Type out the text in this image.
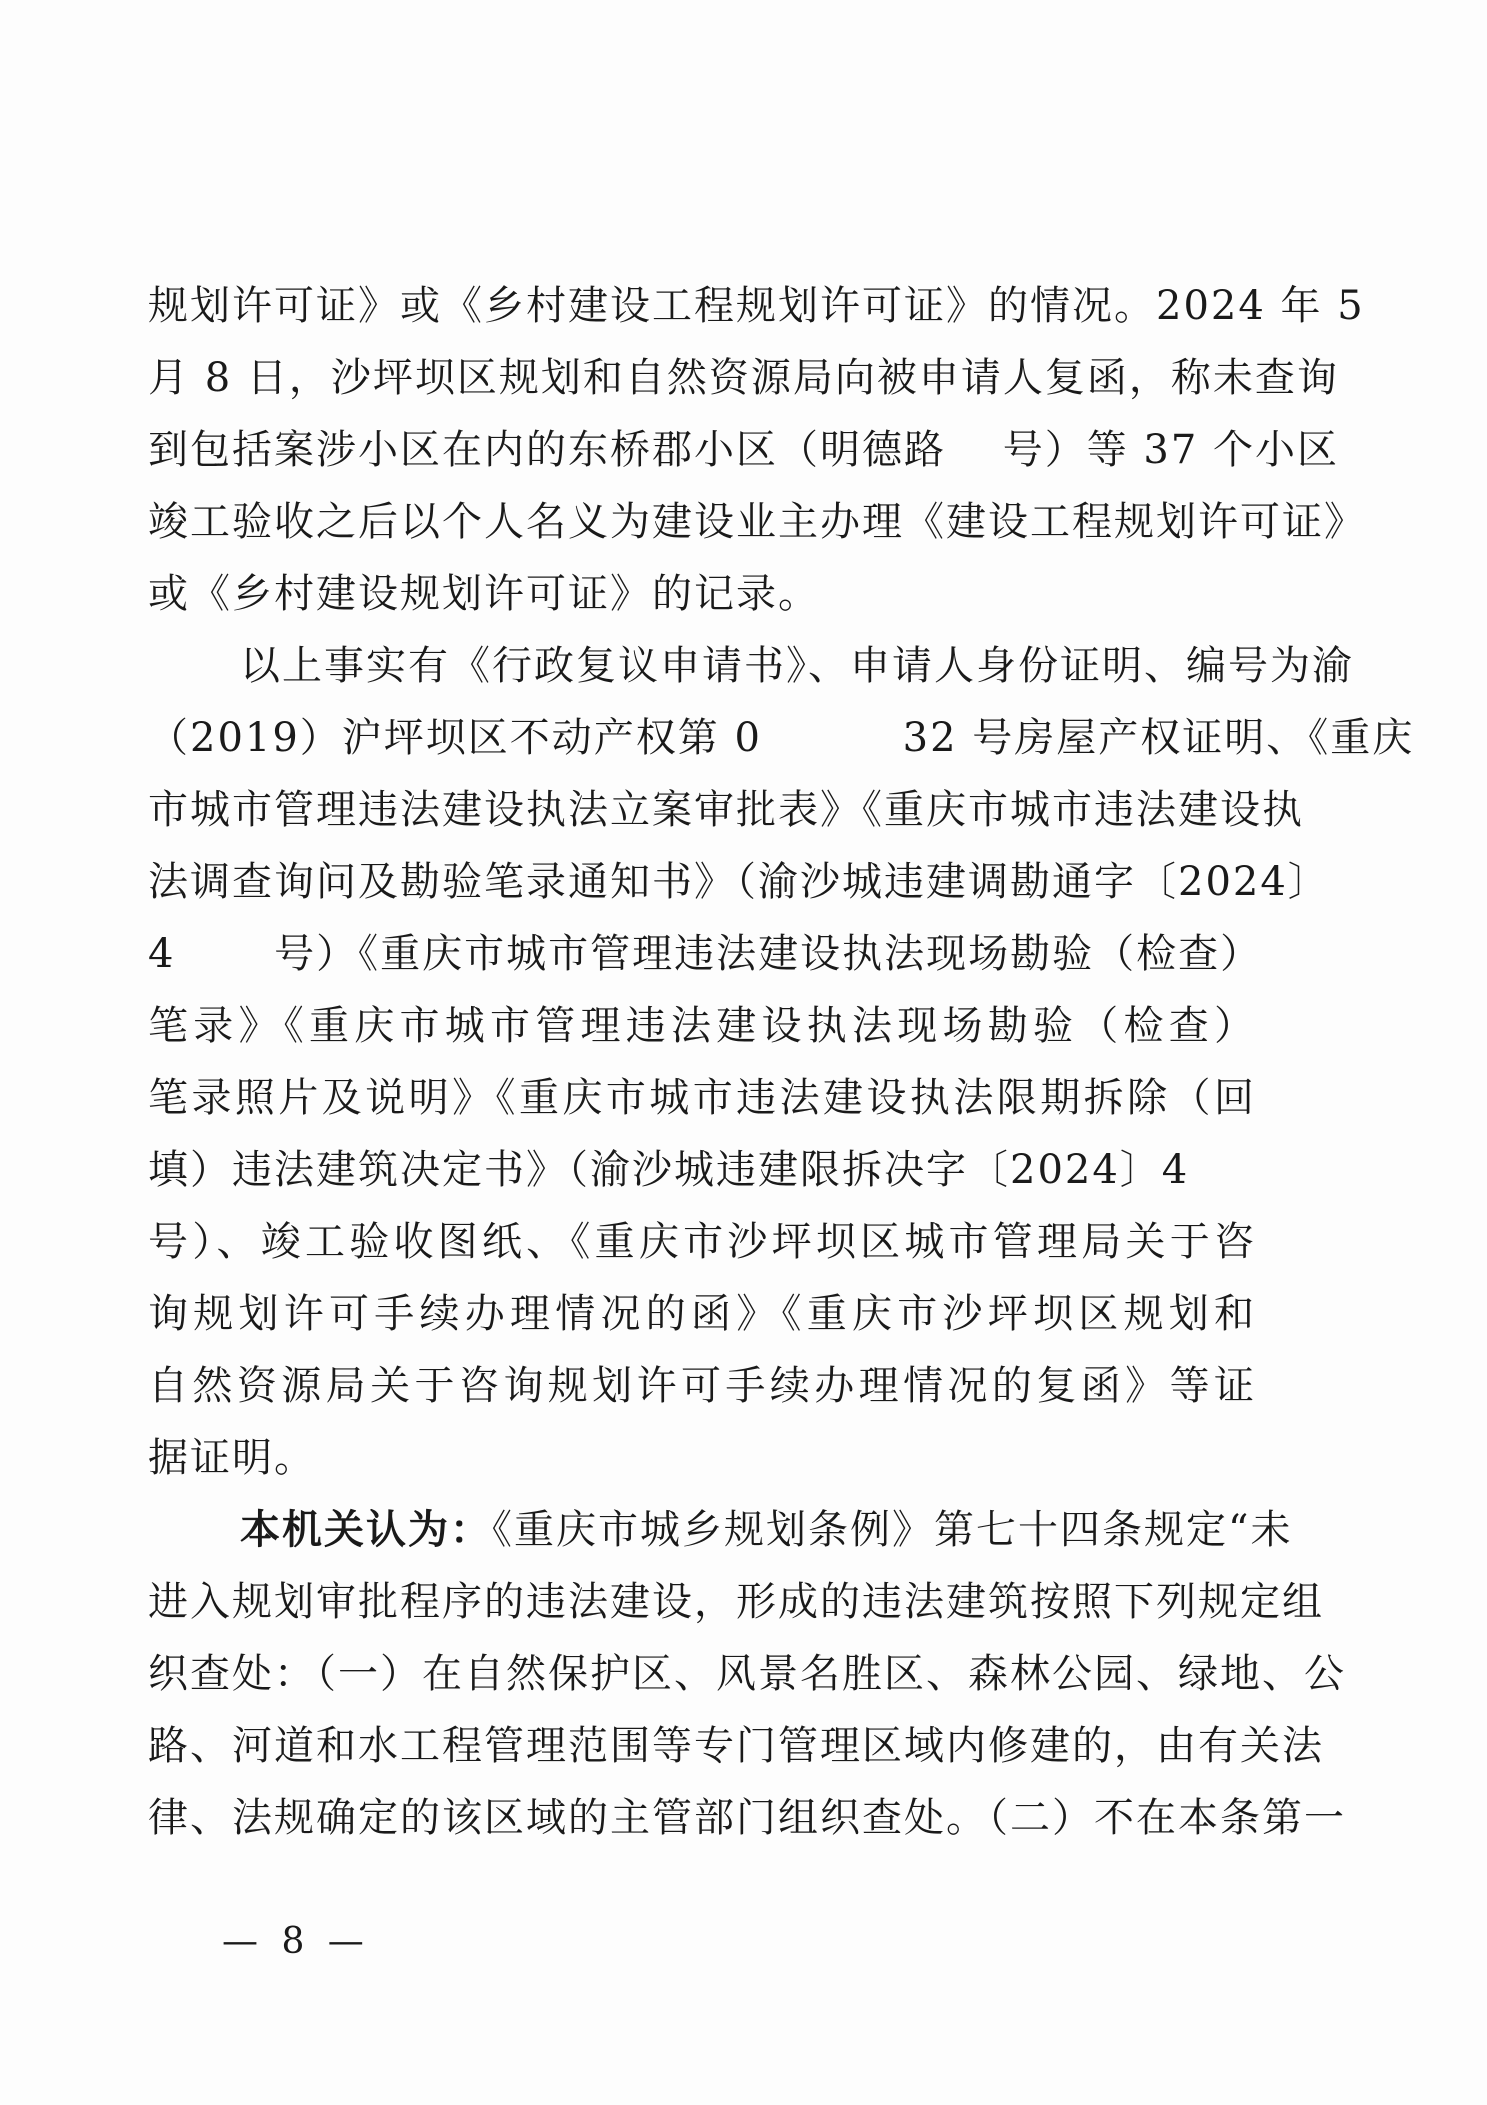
规划许可证》或《乡村建设工程规划许可证》的情况。2024 年 5
月 8 日，沙坪坝区规划和自然资源局向被申请人复函，称未查询
到包括案涉小区在内的东桥郡小区（明德路　 号）等 37 个小区
竣工验收之后以个人名义为建设业主办理《建设工程规划许可证》
或《乡村建设规划许可证》的记录。
以上事实有《行政复议申请书》、申请人身份证明、编号为渝
（2019）沪坪坝区不动产权第 0　　　 32 号房屋产权证明、《重庆
市城市管理违法建设执法立案审批表》《重庆市城市违法建设执
法调查询问及勘验笔录通知书》（渝沙城违建调勘通字〔2024〕
4　　 号）《重庆市城市管理违法建设执法现场勘验（检查）
笔录》《重庆市城市管理违法建设执法现场勘验（检查）
笔录照片及说明》《重庆市城市违法建设执法限期拆除（回
填）违法建筑决定书》（渝沙城违建限拆决字〔2024〕4　　
号）、竣工验收图纸、《重庆市沙坪坝区城市管理局关于咨
询规划许可手续办理情况的函》《重庆市沙坪坝区规划和
自然资源局关于咨询规划许可手续办理情况的复函》等证
据证明。
本机关认为：《重庆市城乡规划条例》第七十四条规定“未
进入规划审批程序的违法建设，形成的违法建筑按照下列规定组
织查处：（一）在自然保护区、风景名胜区、森林公园、绿地、公
路、河道和水工程管理范围等专门管理区域内修建的，由有关法
律、法规确定的该区域的主管部门组织查处。（二）不在本条第一
— 8 —
